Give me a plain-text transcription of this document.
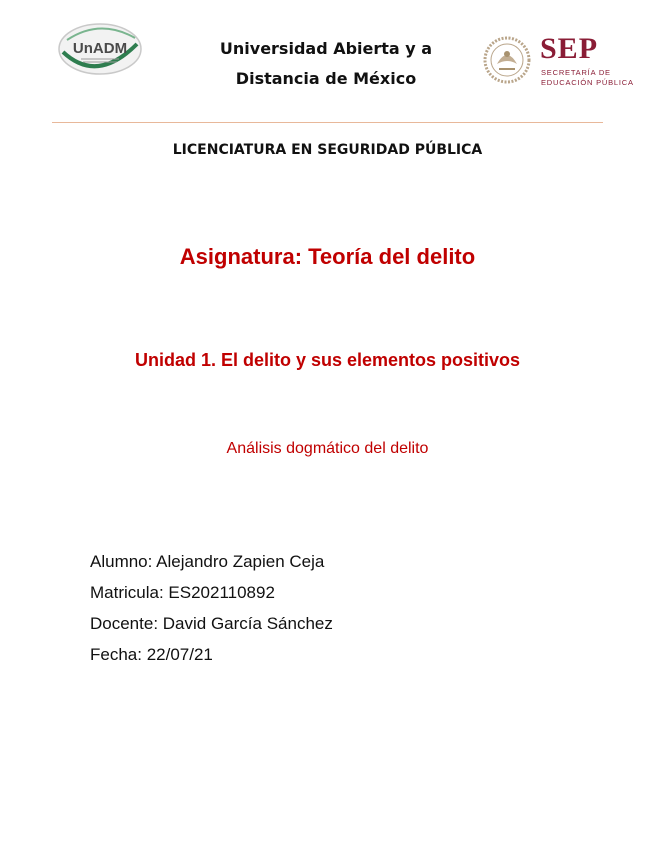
UnADM	Universidad Abierta y a
Distancia de México
SEP
SECRETARÍA DE
EDUCACIÓN PÚBLICA
LICENCIATURA EN SEGURIDAD PÚBLICA
Asignatura: Teoría del delito
Unidad 1. El delito y sus elementos positivos
Análisis dogmático del delito
Alumno: Alejandro Zapien Ceja
Matricula: ES202110892
Docente: David García Sánchez
Fecha: 22/07/21
